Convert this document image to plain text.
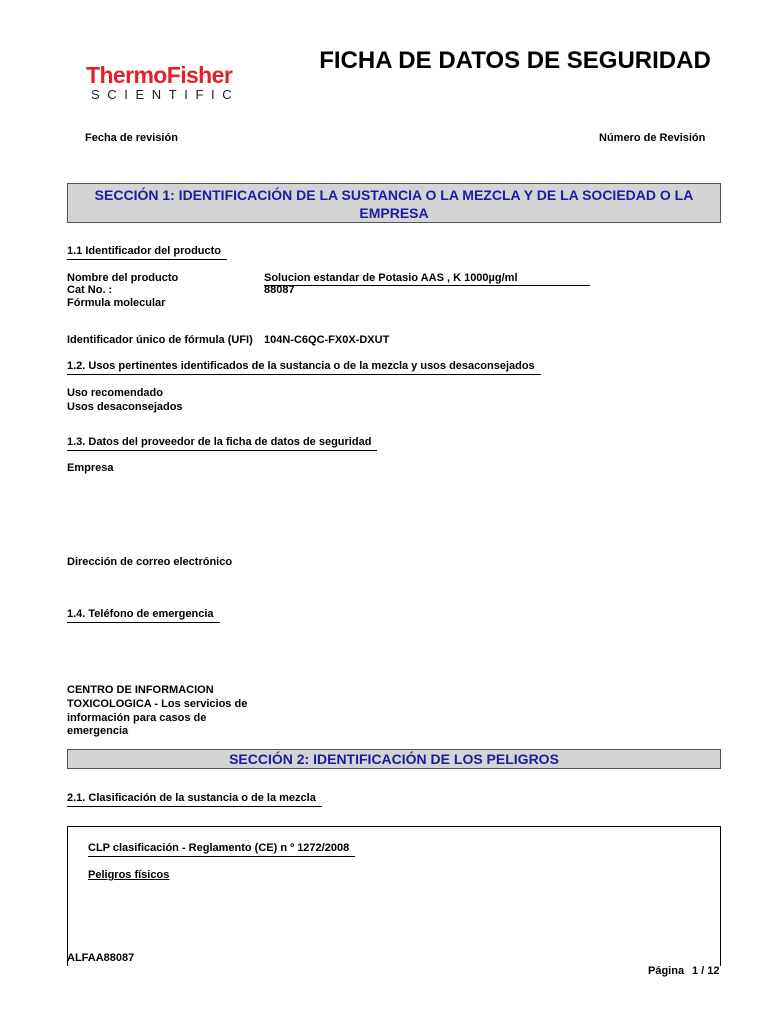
ThermoFisher
SCIENTIFIC
FICHA DE DATOS DE SEGURIDAD
Fecha de revisión	Número de Revisión
SECCIÓN 1: IDENTIFICACIÓN DE LA SUSTANCIA O LA MEZCLA Y DE LA SOCIEDAD O LA
EMPRESA
1.1 Identificador del producto
Nombre del producto	Solucion estandar de Potasio AAS , K 1000µg/ml
Cat No. :	88087
Fórmula molecular
Identificador único de fórmula (UFI) 104N-C6QC-FX0X-DXUT
1.2. Usos pertinentes identificados de la sustancia o de la mezcla y usos desaconsejados
Uso recomendado
Usos desaconsejados
1.3. Datos del proveedor de la ficha de datos de seguridad
Empresa
Dirección de correo electrónico
1.4. Teléfono de emergencia
CENTRO DE INFORMACION
TOXICOLOGICA - Los servicios de
información para casos de
emergencia
SECCIÓN 2: IDENTIFICACIÓN DE LOS PELIGROS
2.1. Clasificación de la sustancia o de la mezcla
CLP clasificación - Reglamento (CE) n º 1272/2008
Peligros físicos
ALFAA88087
Página 1 / 12
